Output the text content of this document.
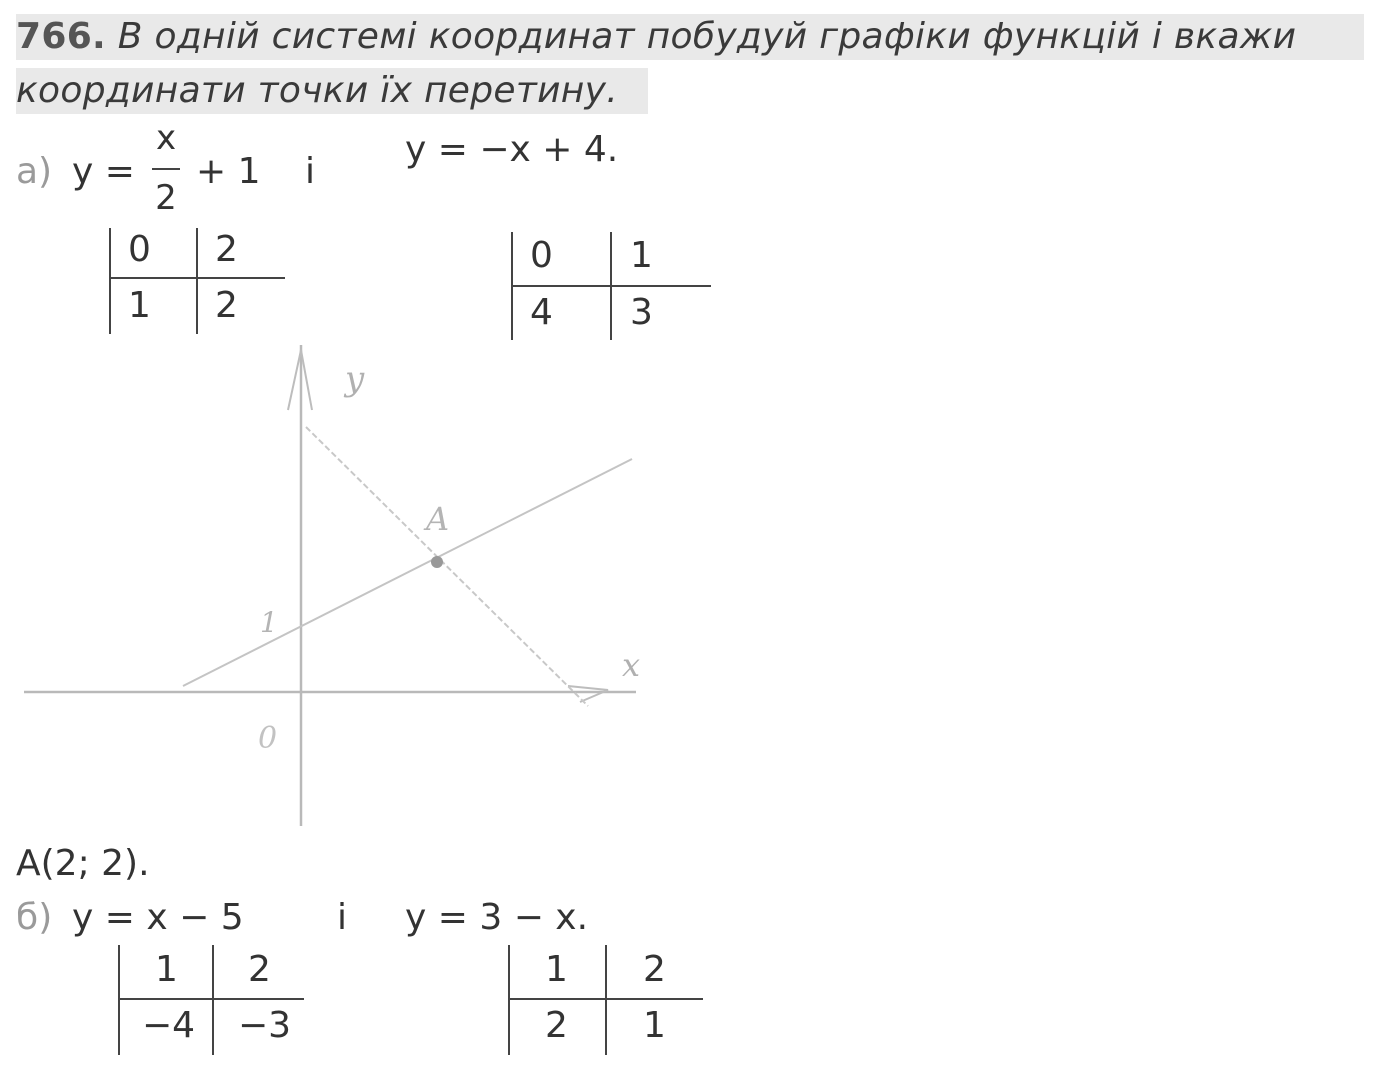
766. В одній системі координат побудуй графіки функцій і вкажи
координати точки їх перетину.
а) y =
x
2
+ 1 і
y = −x + 4.
0 2
1 2
0 1
4 3
y
x
0
1
A
A(2; 2).
б) y = x − 5	і y = 3 − x.
1 2
−4 −3
1 2
2 1
